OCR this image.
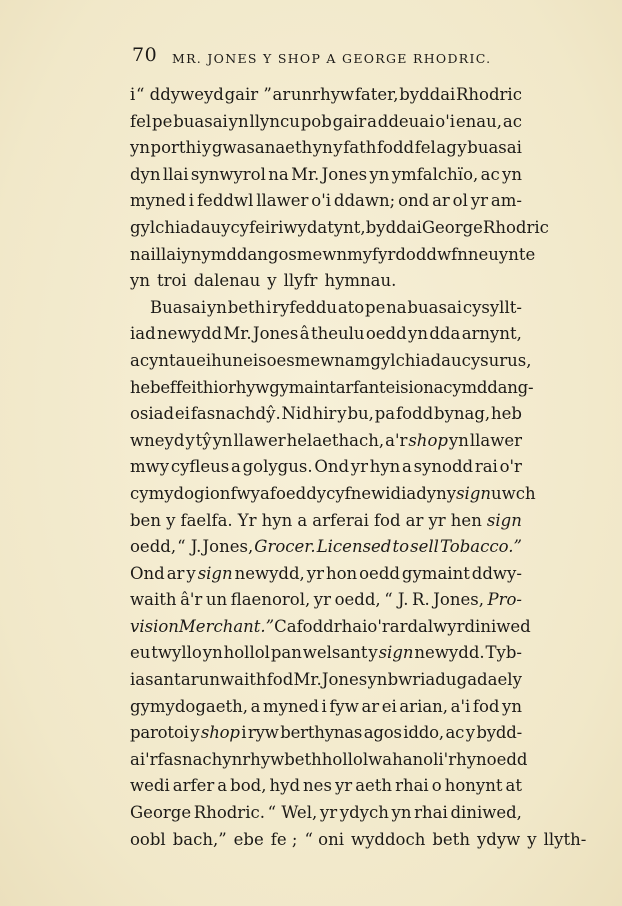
70 MR. JONES Y SHOP A GEORGE RHODRIC.
i “ ddyweyd gair ” ar unrhyw fater, byddai Rhodric
fel pe buasai yn llyncu pob gair a ddeuai o'i enau, ac
yn porthi y gwasanaeth yn y fath fodd fel ag y buasai
dyn llai synwyrol na Mr. Jones yn ymfalchïo, ac yn
myned i feddwl llawer o'i ddawn; ond ar ol yr am-
gylchiadau y cyfeiriwyd atynt, byddai George Rhodric
naill ai yn ymddangos mewn myfyrdod dwfn neu ynte
yn troi dalenau y llyfr hymnau.
Buasai yn beth i ryfeddu ato pe na buasai cysyllt-
iad newydd Mr. Jones â theulu oedd yn dda arnynt,
ac yntau ei hun eisoes mewn amgylchiadau cysurus,
heb effeithio rhyw gymaint ar fanteision ac ymddang-
osiad ei fasnachdŷ. Nid hir y bu, pa fodd bynag, heb
wneyd y tŷ yn llawer helaethach, a'r shop yn llawer
mwy cyfleus a golygus. Ond yr hyn a synodd rai o'r
cymydogion fwyaf oedd y cyfnewidiad yn y sign uwch
ben y faelfa. Yr hyn a arferai fod ar yr hen sign
oedd, “ J. Jones, Grocer. Licensed to sell Tobacco.”
Ond ar y sign newydd, yr hon oedd gymaint ddwy-
waith â'r un flaenorol, yr oedd, “ J. R. Jones, Pro-
vision Merchant.” Cafodd rhai o'r ardalwyr diniwed
eu twyllo yn hollol pan welsant y sign newydd. Tyb-
iasant ar unwaith fod Mr. Jones yn bwriadu gadael y
gymydogaeth, a myned i fyw ar ei arian, a'i fod yn
parotoi y shop i ryw berthynas agos iddo, ac y bydd-
ai'r fasnach yn rhywbeth hollol wahanol i'r hyn oedd
wedi arfer a bod, hyd nes yr aeth rhai o honynt at
George Rhodric. “ Wel, yr ydych yn rhai diniwed,
oobl bach,” ebe fe ; “ oni wyddoch beth ydyw y llyth-
